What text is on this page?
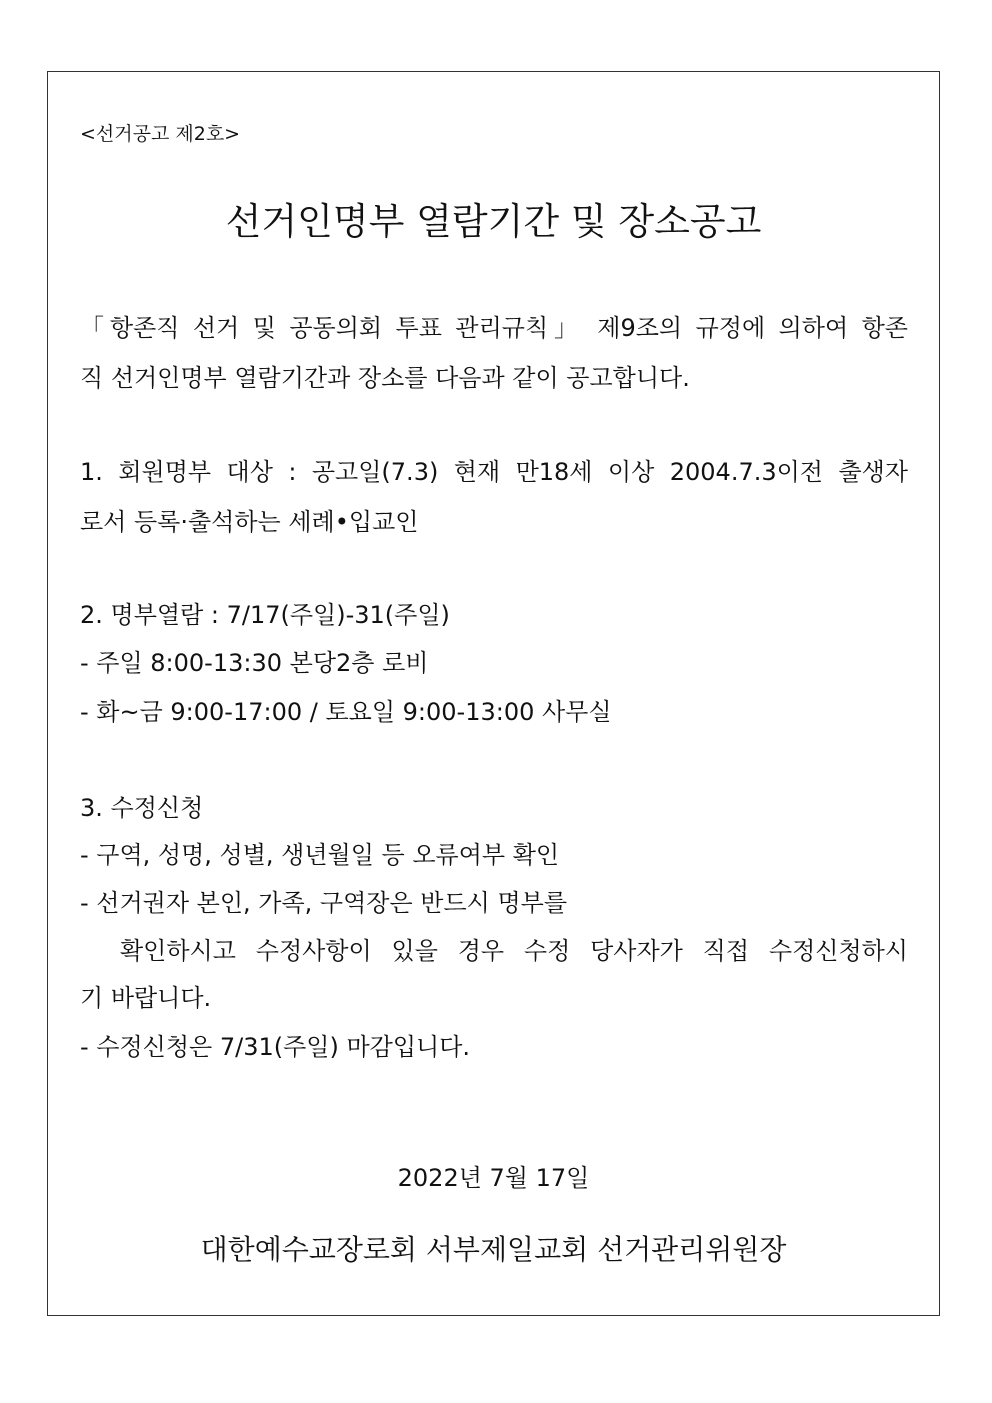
<선거공고 제2호>
선거인명부 열람기간 및 장소공고
「항존직 선거 및 공동의회 투표 관리규칙」 제9조의 규정에 의하여 항존
직 선거인명부 열람기간과 장소를 다음과 같이 공고합니다.
1. 회원명부 대상 : 공고일(7.3) 현재 만18세 이상 2004.7.3이전 출생자
로서 등록·출석하는 세례•입교인
2. 명부열람 : 7/17(주일)-31(주일)
- 주일 8:00-13:30 본당2층 로비
- 화~금 9:00-17:00 / 토요일 9:00-13:00 사무실
3. 수정신청
- 구역, 성명, 성별, 생년월일 등 오류여부 확인
- 선거권자 본인, 가족, 구역장은 반드시 명부를
확인하시고 수정사항이 있을 경우 수정 당사자가 직접 수정신청하시
기 바랍니다.
- 수정신청은 7/31(주일) 마감입니다.
2022년 7월 17일
대한예수교장로회 서부제일교회 선거관리위원장
